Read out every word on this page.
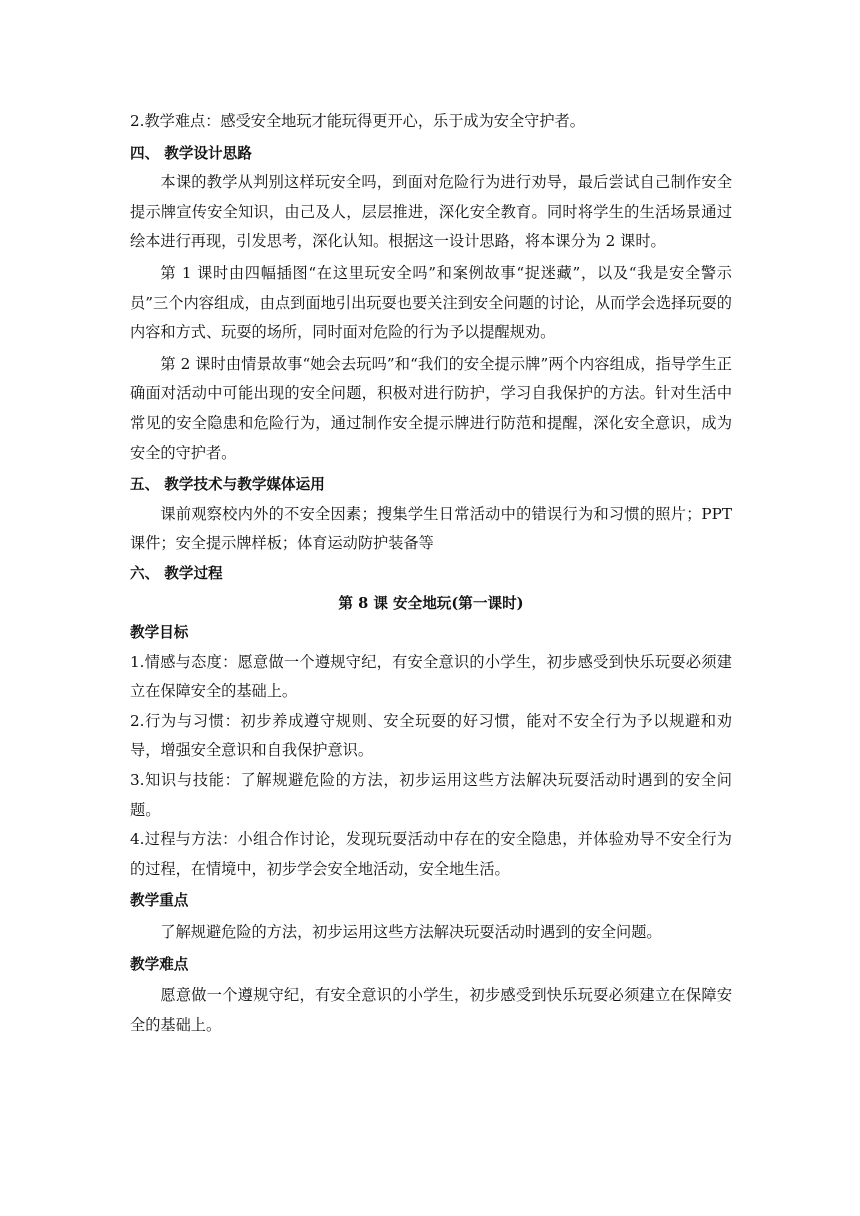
2.教学难点：感受安全地玩才能玩得更开心，乐于成为安全守护者。

四、 教学设计思路

本课的教学从判别这样玩安全吗，到面对危险行为进行劝导，最后尝试自己制作安全提示牌宣传安全知识，由己及人，层层推进，深化安全教育。同时将学生的生活场景通过绘本进行再现，引发思考，深化认知。根据这一设计思路，将本课分为 2 课时。

第 1 课时由四幅插图“在这里玩安全吗”和案例故事“捉迷藏”，以及“我是安全警示员”三个内容组成，由点到面地引出玩耍也要关注到安全问题的讨论，从而学会选择玩耍的内容和方式、玩耍的场所，同时面对危险的行为予以提醒规劝。

第 2 课时由情景故事“她会去玩吗”和“我们的安全提示牌”两个内容组成，指导学生正确面对活动中可能出现的安全问题，积极对进行防护，学习自我保护的方法。针对生活中常见的安全隐患和危险行为，通过制作安全提示牌进行防范和提醒，深化安全意识，成为安全的守护者。

五、 教学技术与教学媒体运用

课前观察校内外的不安全因素；搜集学生日常活动中的错误行为和习惯的照片；PPT 课件；安全提示牌样板；体育运动防护装备等

六、 教学过程

第 8 课 安全地玩(第一课时)

教学目标

1.情感与态度：愿意做一个遵规守纪，有安全意识的小学生，初步感受到快乐玩耍必须建立在保障安全的基础上。

2.行为与习惯：初步养成遵守规则、安全玩耍的好习惯，能对不安全行为予以规避和劝导，增强安全意识和自我保护意识。

3.知识与技能：了解规避危险的方法，初步运用这些方法解决玩耍活动时遇到的安全问题。

4.过程与方法：小组合作讨论，发现玩耍活动中存在的安全隐患，并体验劝导不安全行为的过程，在情境中，初步学会安全地活动，安全地生活。

教学重点

了解规避危险的方法，初步运用这些方法解决玩耍活动时遇到的安全问题。

教学难点

愿意做一个遵规守纪，有安全意识的小学生，初步感受到快乐玩耍必须建立在保障安全的基础上。
